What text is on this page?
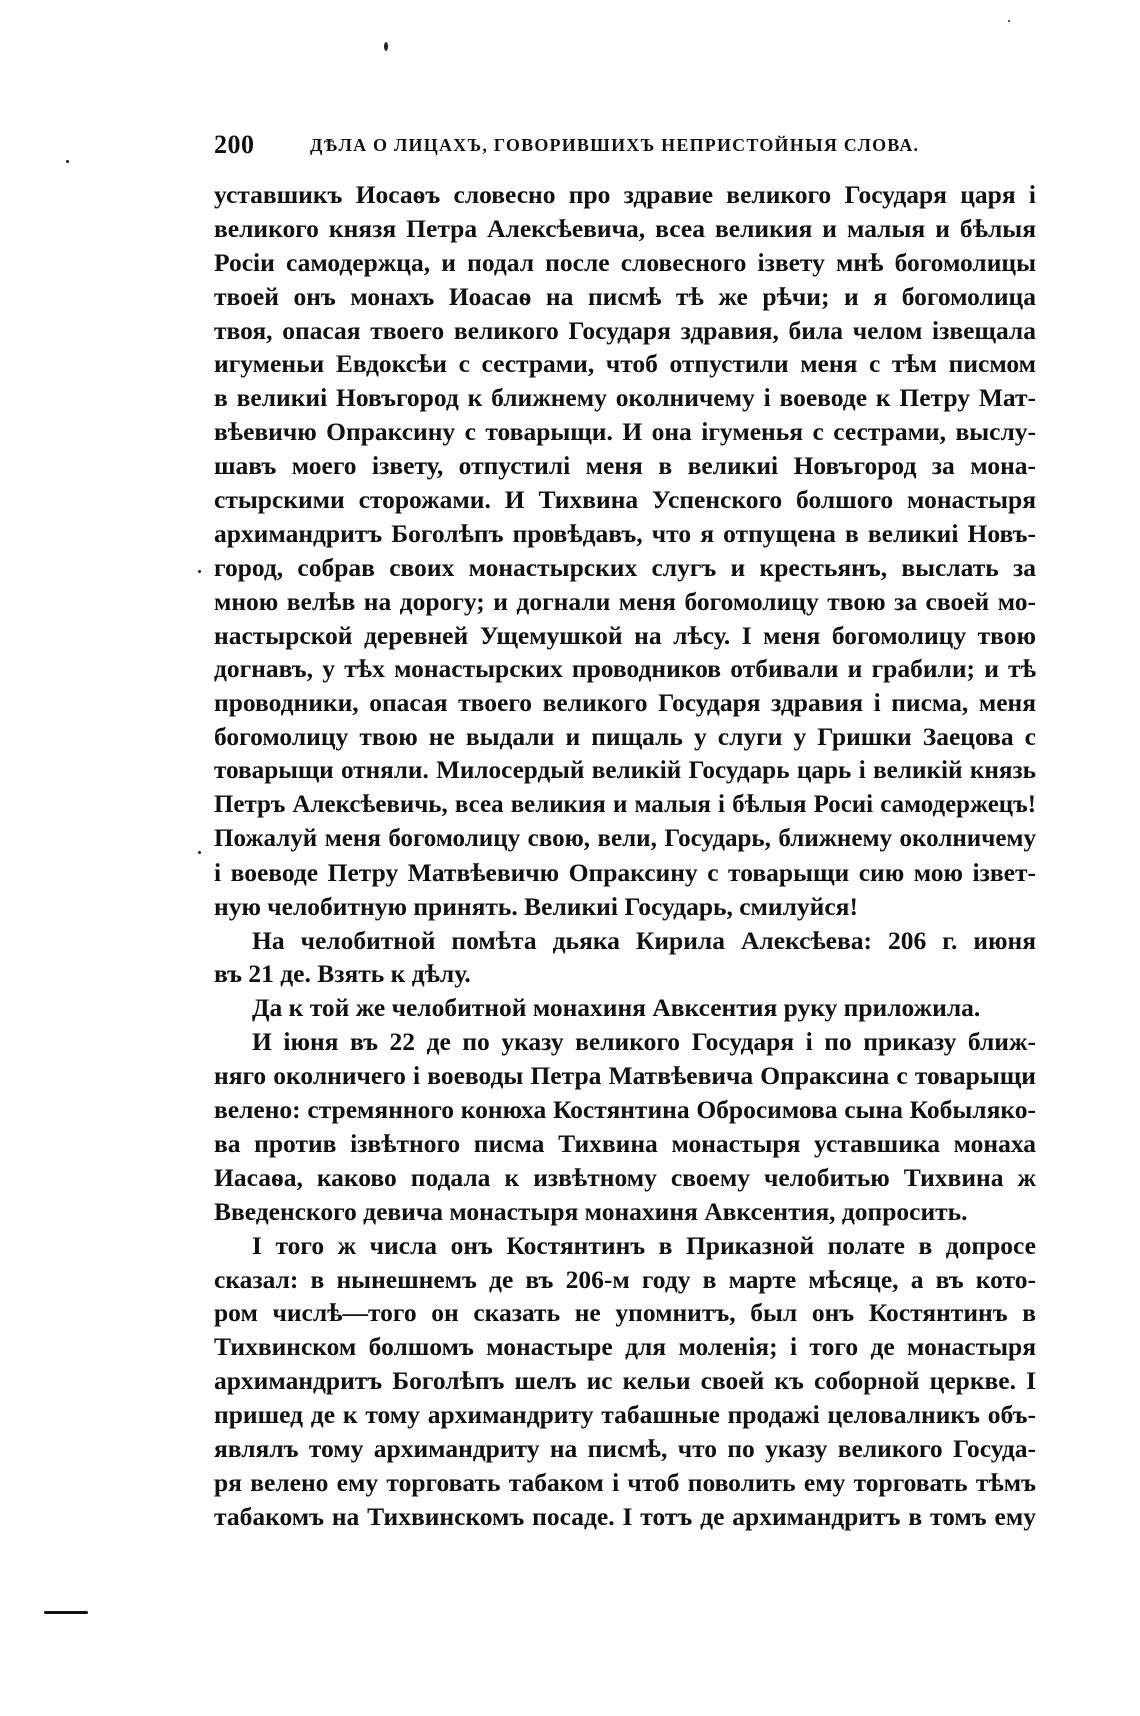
200	ДѢЛА О ЛИЦАХЪ, ГОВОРИВШИХЪ НЕПРИСТОЙНЫЯ СЛОВА.
уставшикъ Иосаѳъ словесно про здравие великого Государя царя і
великого князя Петра Алексѣевича, всеа великия и малыя и бѣлыя
Росіи самодержца, и подал после словесного ізвету мнѣ богомолицы
твоей онъ монахъ Иоасаѳ на писмѣ тѣ же рѣчи; и я богомолица
твоя, опасая твоего великого Государя здравия, била челом ізвещала
игуменьи Евдоксѣи с сестрами, чтоб отпустили меня с тѣм писмом
в великиі Новъгород к ближнему околничему і воеводе к Петру Мат-
вѣевичю Опраксину с товарыщи. И она ігуменья с сестрами, выслу-
шавъ моего ізвету, отпустилі меня в великиі Новъгород за мона-
стырскими сторожами. И Тихвина Успенского болшого монастыря
архимандритъ Боголѣпъ провѣдавъ, что я отпущена в великиі Новъ-
город, собрав своих монастырских слугъ и крестьянъ, выслать за
мною велѣв на дорогу; и догнали меня богомолицу твою за своей мо-
настырской деревней Ущемушкой на лѣсу. І меня богомолицу твою
догнавъ, у тѣх монастырских проводников отбивали и грабили; и тѣ
проводники, опасая твоего великого Государя здравия і писма, меня
богомолицу твою не выдали и пищаль у слуги у Гришки Заецова с
товарыщи отняли. Милосердый великій Государь царь і великій князь
Петръ Алексѣевичь, всеа великия и малыя і бѣлыя Росиі самодержецъ!
Пожалуй меня богомолицу свою, вели, Государь, ближнему околничему
і воеводе Петру Матвѣевичю Опраксину с товарыщи сию мою ізвет-
ную челобитную принять. Великиі Государь, смилуйся!
На челобитной помѣта дьяка Кирила Алексѣева: 206 г. июня
въ 21 де. Взять к дѣлу.
Да к той же челобитной монахиня Авксентия руку приложила.
И іюня въ 22 де по указу великого Государя і по приказу ближ-
няго околничего і воеводы Петра Матвѣевича Опраксина с товарыщи
велено: стремянного конюха Костянтина Обросимова сына Кобыляко-
ва против ізвѣтного писма Тихвина монастыря уставшика монаха
Иасаѳа, каково подала к извѣтному своему челобитью Тихвина ж
Введенского девича монастыря монахиня Авксентия, допросить.
І того ж числа онъ Костянтинъ в Приказной полате в допросе
сказал: в нынешнемъ де въ 206-м году в марте мѣсяце, а въ кото-
ром числѣ—того он сказать не упомнитъ, был онъ Костянтинъ в
Тихвинском болшомъ монастыре для моленія; і того де монастыря
архимандритъ Боголѣпъ шелъ ис кельи своей къ соборной церкве. І
пришед де к тому архимандриту табашные продажі целовалникъ объ-
являлъ тому архимандриту на писмѣ, что по указу великого Госуда-
ря велено ему торговать табаком і чтоб поволить ему торговать тѣмъ
табакомъ на Тихвинскомъ посаде. І тотъ де архимандритъ в томъ ему
